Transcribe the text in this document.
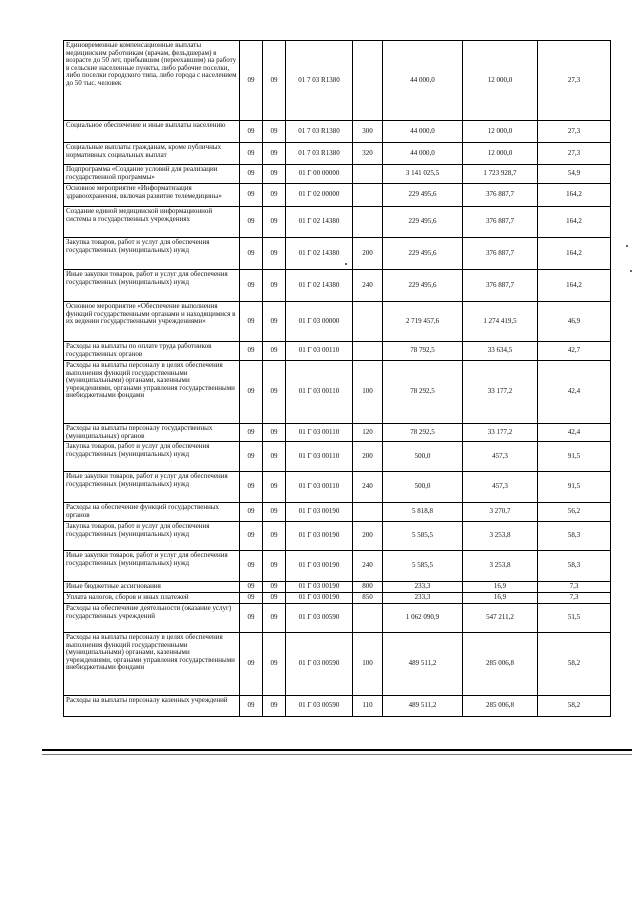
Единовременные компенсационные выплаты медицинским работникам (врачам, фельдшерам) в возрасте до 50 лет, прибывшим (переехавшим) на работу в сельские населенные пункты, либо рабочие поселки, либо поселки городского типа, либо города с населением до 50 тыс. человек	09	09	01 7 03 R1380		44 000,0	12 000,0	27,3
Социальное обеспечение и иные выплаты населению	09	09	01 7 03 R1380	300	44 000,0	12 000,0	27,3
Социальные выплаты гражданам, кроме публичных нормативных социальных выплат	09	09	01 7 03 R1380	320	44 000,0	12 000,0	27,3
Подпрограмма «Создание условий для реализации государственной программы»	09	09	01 Г 00 00000		3 141 025,5	1 723 928,7	54,9
Основное мероприятие «Информатизация здравоохранения, включая развитие телемедицины»	09	09	01 Г 02 00000		229 495,6	376 887,7	164,2
Создание единой медицинской информационной системы в государственных учреждениях	09	09	01 Г 02 14380		229 495,6	376 887,7	164,2
Закупка товаров, работ и услуг для обеспечения государственных (муниципальных) нужд	09	09	01 Г 02 14380	200	229 495,6	376 887,7	164,2
Иные закупки товаров, работ и услуг для обеспечения государственных (муниципальных) нужд	09	09	01 Г 02 14380	240	229 495,6	376 887,7	164,2
Основное мероприятие «Обеспечение выполнения функций государственными органами и находящимися в их ведении государственными учреждениями»	09	09	01 Г 03 00000		2 719 457,6	1 274 419,5	46,9
Расходы на выплаты по оплате труда работников государственных органов	09	09	01 Г 03 00110		78 792,5	33 634,5	42,7
Расходы на выплаты персоналу в целях обеспечения выполнения функций государственными (муниципальными) органами, казенными учреждениями, органами управления государственными внебюджетными фондами	09	09	01 Г 03 00110	100	78 292,5	33 177,2	42,4
Расходы на выплаты персоналу государственных (муниципальных) органов	09	09	01 Г 03 00110	120	78 292,5	33 177,2	42,4
Закупка товаров, работ и услуг для обеспечения государственных (муниципальных) нужд	09	09	01 Г 03 00110	200	500,0	457,3	91,5
Иные закупки товаров, работ и услуг для обеспечения государственных (муниципальных) нужд	09	09	01 Г 03 00110	240	500,0	457,3	91,5
Расходы на обеспечение функций государственных органов	09	09	01 Г 03 00190		5 818,8	3 270,7	56,2
Закупка товаров, работ и услуг для обеспечения государственных (муниципальных) нужд	09	09	01 Г 03 00190	200	5 585,5	3 253,8	58,3
Иные закупки товаров, работ и услуг для обеспечения государственных (муниципальных) нужд	09	09	01 Г 03 00190	240	5 585,5	3 253,8	58,3
Иные бюджетные ассигнования	09	09	01 Г 03 00190	800	233,3	16,9	7,3
Уплата налогов, сборов и иных платежей	09	09	01 Г 03 00190	850	233,3	16,9	7,3
Расходы на обеспечение деятельности (оказание услуг) государственных учреждений	09	09	01 Г 03 00590		1 062 090,9	547 211,2	51,5
Расходы на выплаты персоналу в целях обеспечения выполнения функций государственными (муниципальными) органами, казенными учреждениями, органами управления государственными внебюджетными фондами	09	09	01 Г 03 00590	100	489 511,2	285 006,8	58,2
Расходы на выплаты персоналу казенных учреждений	09	09	01 Г 03 00590	110	489 511,2	285 006,8	58,2
